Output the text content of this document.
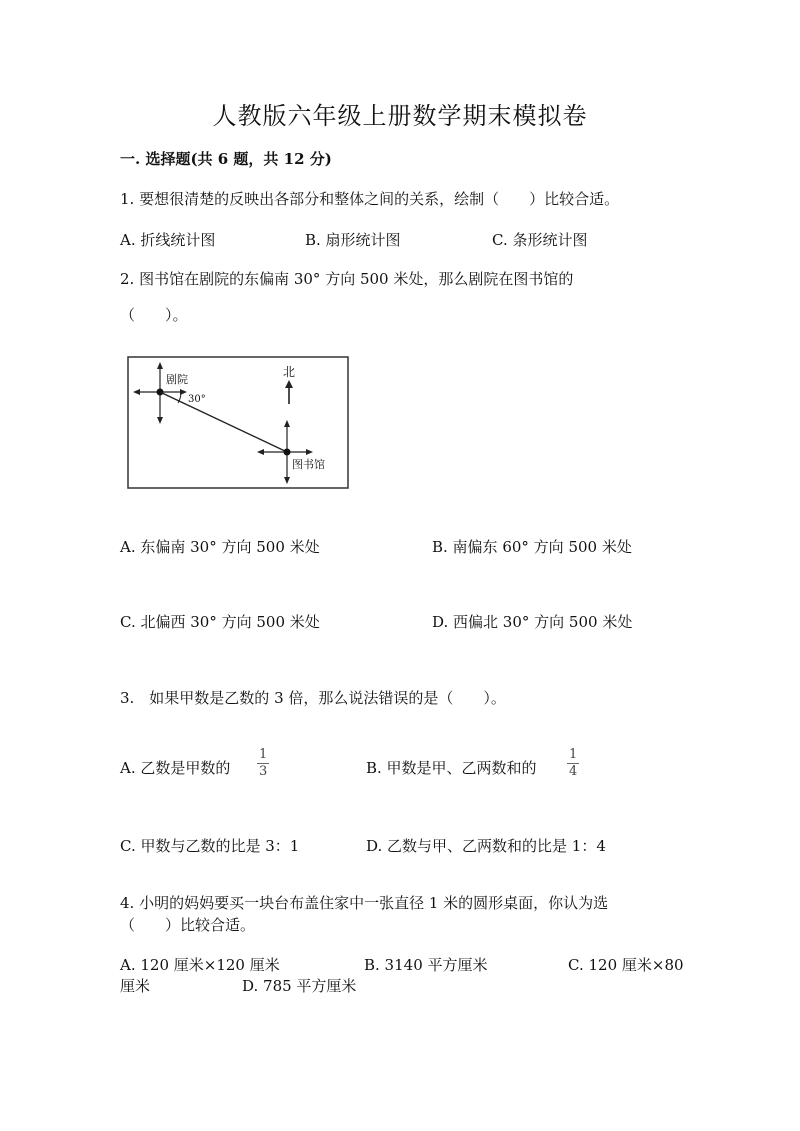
人教版六年级上册数学期末模拟卷
一. 选择题(共 6 题，共 12 分)
1. 要想很清楚的反映出各部分和整体之间的关系，绘制（　　）比较合适。
A. 折线统计图	B. 扇形统计图	C. 条形统计图
2. 图书馆在剧院的东偏南 30° 方向 500 米处，那么剧院在图书馆的
（　　）。
剧院
30°
图书馆
北
A. 东偏南 30° 方向 500 米处	B. 南偏东 60° 方向 500 米处
C. 北偏西 30° 方向 500 米处	D. 西偏北 30° 方向 500 米处
3.　如果甲数是乙数的 3 倍，那么说法错误的是（　　）。
A. 乙数是甲数的
1
3	B. 甲数是甲、乙两数和的
1
4
C. 甲数与乙数的比是 3：1	D. 乙数与甲、乙两数和的比是 1：4
4. 小明的妈妈要买一块台布盖住家中一张直径 1 米的圆形桌面，你认为选
（　　）比较合适。
A. 120 厘米×120 厘米	B. 3140 平方厘米	C. 120 厘米×80
厘米	D. 785 平方厘米
